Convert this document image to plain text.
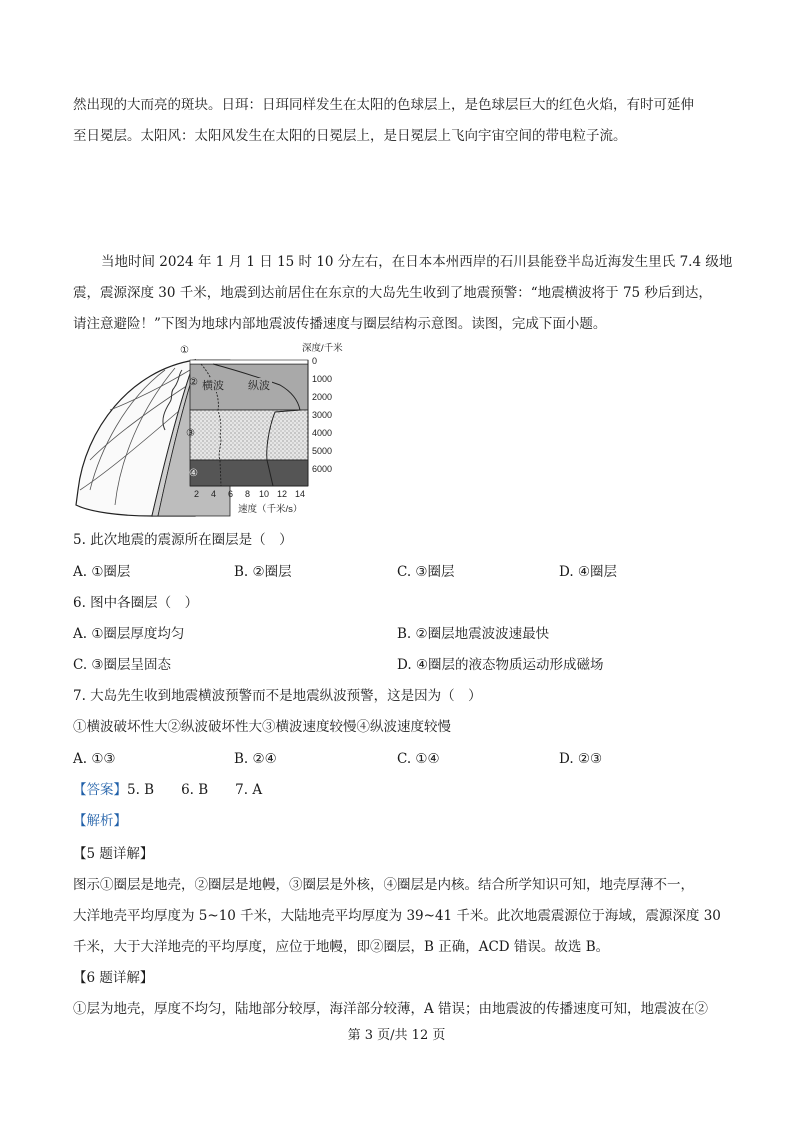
然出现的大而亮的斑块。日珥：日珥同样发生在太阳的色球层上，是色球层巨大的红色火焰，有时可延伸
至日冕层。太阳风：太阳风发生在太阳的日冕层上，是日冕层上飞向宇宙空间的带电粒子流。
当地时间 2024 年 1 月 1 日 15 时 10 分左右，在日本本州西岸的石川县能登半岛近海发生里氏 7.4 级地
震，震源深度 30 千米，地震到达前居住在东京的大岛先生收到了地震预警：“地震横波将于 75 秒后到达，
请注意避险！”下图为地球内部地震波传播速度与圈层结构示意图。读图，完成下面小题。
深度/千米
0
1000
2000
3000
4000
5000
6000
2 4 6 8 10 12 14
速度（千米/s）
横波 纵波
①
②
③
④
5. 此次地震的震源所在圈层是（　）
A. ①圈层	B. ②圈层	C. ③圈层	D. ④圈层
6. 图中各圈层（　）
A. ①圈层厚度均匀	B. ②圈层地震波波速最快
C. ③圈层呈固态	D. ④圈层的液态物质运动形成磁场
7. 大岛先生收到地震横波预警而不是地震纵波预警，这是因为（　）
①横波破坏性大②纵波破坏性大③横波速度较慢④纵波速度较慢
A. ①③	B. ②④	C. ①④	D. ②③
【答案】5. B　　6. B　　7. A
【解析】
【5 题详解】
图示①圈层是地壳，②圈层是地幔，③圈层是外核，④圈层是内核。结合所学知识可知，地壳厚薄不一，
大洋地壳平均厚度为 5~10 千米，大陆地壳平均厚度为 39~41 千米。此次地震震源位于海域，震源深度 30
千米，大于大洋地壳的平均厚度，应位于地幔，即②圈层，B 正确，ACD 错误。故选 B。
【6 题详解】
①层为地壳，厚度不均匀，陆地部分较厚，海洋部分较薄，A 错误；由地震波的传播速度可知，地震波在②
第 3 页/共 12 页
